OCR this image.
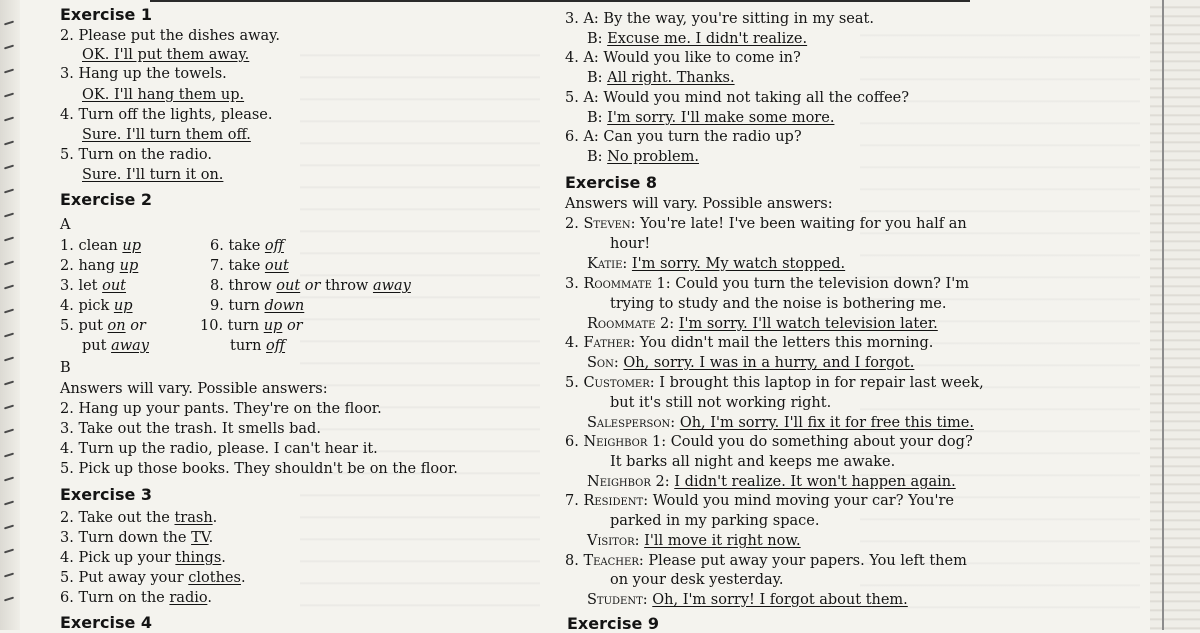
Exercise 1
2. Please put the dishes away.
OK. I'll put them away.
3. Hang up the towels.
OK. I'll hang them up.
4. Turn off the lights, please.
Sure. I'll turn them off.
5. Turn on the radio.
Sure. I'll turn it on.
Exercise 2
A
1. clean up
2. hang up
3. let out
4. pick up
5. put on or
put away
6. take off
7. take out
8. throw out or throw away
9. turn down
10. turn up or
turn off
B
Answers will vary. Possible answers:
2. Hang up your pants. They're on the floor.
3. Take out the trash. It smells bad.
4. Turn up the radio, please. I can't hear it.
5. Pick up those books. They shouldn't be on the floor.
Exercise 3
2. Take out the trash.
3. Turn down the TV.
4. Pick up your things.
5. Put away your clothes.
6. Turn on the radio.
Exercise 4
3. A: By the way, you're sitting in my seat.
B: Excuse me. I didn't realize.
4. A: Would you like to come in?
B: All right. Thanks.
5. A: Would you mind not taking all the coffee?
B: I'm sorry. I'll make some more.
6. A: Can you turn the radio up?
B: No problem.
Exercise 8
Answers will vary. Possible answers:
2. Steven: You're late! I've been waiting for you half an
hour!
Katie: I'm sorry. My watch stopped.
3. Roommate 1: Could you turn the television down? I'm
trying to study and the noise is bothering me.
Roommate 2: I'm sorry. I'll watch television later.
4. Father: You didn't mail the letters this morning.
Son: Oh, sorry. I was in a hurry, and I forgot.
5. Customer: I brought this laptop in for repair last week,
but it's still not working right.
Salesperson: Oh, I'm sorry. I'll fix it for free this time.
6. Neighbor 1: Could you do something about your dog?
It barks all night and keeps me awake.
Neighbor 2: I didn't realize. It won't happen again.
7. Resident: Would you mind moving your car? You're
parked in my parking space.
Visitor: I'll move it right now.
8. Teacher: Please put away your papers. You left them
on your desk yesterday.
Student: Oh, I'm sorry! I forgot about them.
Exercise 9
